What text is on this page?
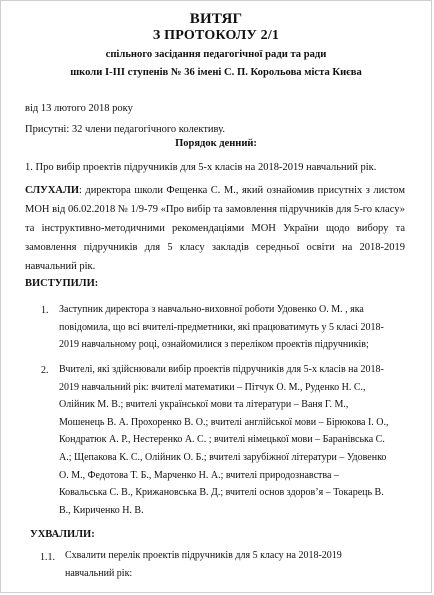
ВИТЯГ
З ПРОТОКОЛУ 2/1
спільного засідання педагогічної ради та ради
школи І-ІІІ ступенів № 36 імені С. П. Корольова міста Києва
від 13 лютого 2018 року
Присутні: 32 члени педагогічного колективу.
Порядок денний:
1. Про вибір проектів підручників для 5-х класів на 2018-2019 навчальний рік.
СЛУХАЛИ: директора школи Фещенка С. М., який ознайомив присутніх з листом МОН від 06.02.2018 № 1/9-79 «Про вибір та замовлення підручників для 5-го класу» та інструктивно-методичними рекомендаціями МОН України щодо вибору та замовлення підручників для 5 класу закладів середньої освіти на 2018-2019 навчальний рік.
ВИСТУПИЛИ:
1. Заступник директора з навчально-виховної роботи Удовенко О. М. , яка повідомила, що всі вчителі-предметники, які працюватимуть у 5 класі 2018-2019 навчальному році, ознайомилися з переліком проектів підручників;
2. Вчителі, які здійснювали вибір проектів підручників для 5-х класів на 2018-2019 навчальний рік: вчителі математики – Пітчук О. М., Руденко Н. С., Олійник М. В.; вчителі української мови та літератури – Ваня Г. М., Мошенець В. А. Прохоренко В. О.; вчителі англійської мови – Бірюкова І. О., Кондратюк А. Р., Нестеренко А. С. ; вчителі німецької мови – Баранівська С. А.; Щепакова К. С., Олійник О. Б.; вчителі зарубіжної літератури – Удовенко О. М., Федотова Т. Б., Марченко Н. А.; вчителі природознавства – Ковальська С. В., Крижановська В. Д.; вчителі основ здоров’я – Токарець В. В., Кириченко Н. В.
УХВАЛИЛИ:
1.1. Схвалити перелік проектів підручників для 5 класу на 2018-2019 навчальний рік:
